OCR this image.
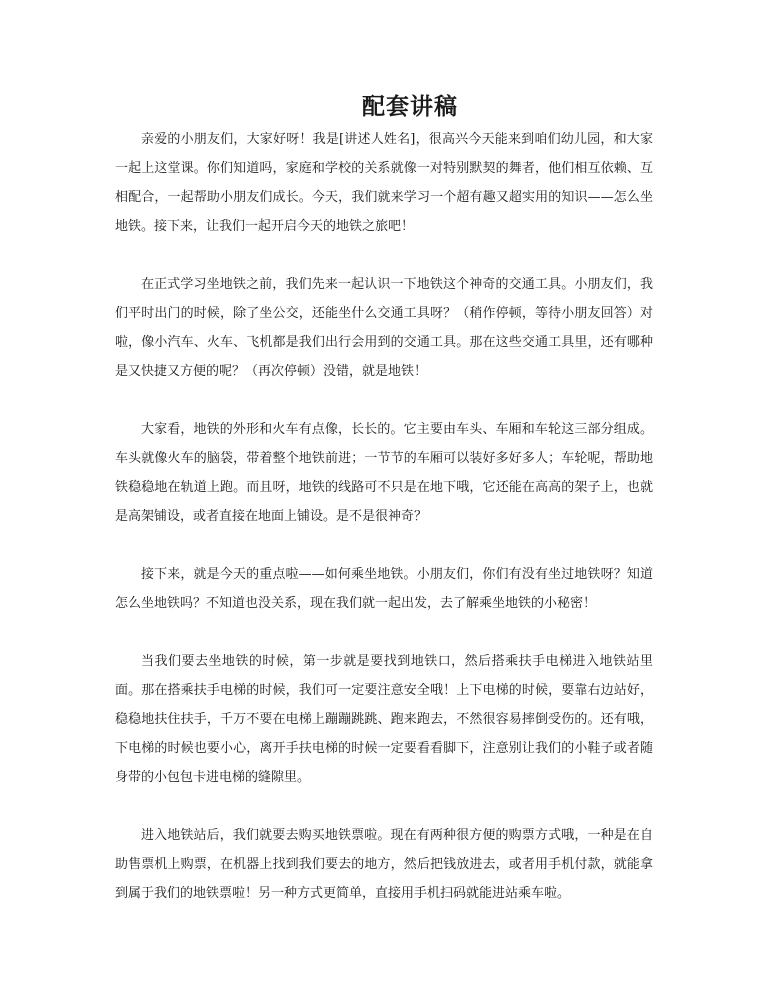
配套讲稿

亲爱的小朋友们，大家好呀！我是[讲述人姓名]，很高兴今天能来到咱们幼儿园，和大家一起上这堂课。你们知道吗，家庭和学校的关系就像一对特别默契的舞者，他们相互依赖、互相配合，一起帮助小朋友们成长。今天，我们就来学习一个超有趣又超实用的知识——怎么坐地铁。接下来，让我们一起开启今天的地铁之旅吧！

在正式学习坐地铁之前，我们先来一起认识一下地铁这个神奇的交通工具。小朋友们，我们平时出门的时候，除了坐公交，还能坐什么交通工具呀？（稍作停顿，等待小朋友回答）对啦，像小汽车、火车、飞机都是我们出行会用到的交通工具。那在这些交通工具里，还有哪种是又快捷又方便的呢？（再次停顿）没错，就是地铁！

大家看，地铁的外形和火车有点像，长长的。它主要由车头、车厢和车轮这三部分组成。车头就像火车的脑袋，带着整个地铁前进；一节节的车厢可以装好多好多人；车轮呢，帮助地铁稳稳地在轨道上跑。而且呀，地铁的线路可不只是在地下哦，它还能在高高的架子上，也就是高架铺设，或者直接在地面上铺设。是不是很神奇？

接下来，就是今天的重点啦——如何乘坐地铁。小朋友们，你们有没有坐过地铁呀？知道怎么坐地铁吗？不知道也没关系，现在我们就一起出发，去了解乘坐地铁的小秘密！

当我们要去坐地铁的时候，第一步就是要找到地铁口，然后搭乘扶手电梯进入地铁站里面。那在搭乘扶手电梯的时候，我们可一定要注意安全哦！上下电梯的时候，要靠右边站好，稳稳地扶住扶手，千万不要在电梯上蹦蹦跳跳、跑来跑去，不然很容易摔倒受伤的。还有哦，下电梯的时候也要小心，离开手扶电梯的时候一定要看看脚下，注意别让我们的小鞋子或者随身带的小包包卡进电梯的缝隙里。

进入地铁站后，我们就要去购买地铁票啦。现在有两种很方便的购票方式哦，一种是在自助售票机上购票，在机器上找到我们要去的地方，然后把钱放进去，或者用手机付款，就能拿到属于我们的地铁票啦！另一种方式更简单，直接用手机扫码就能进站乘车啦。
